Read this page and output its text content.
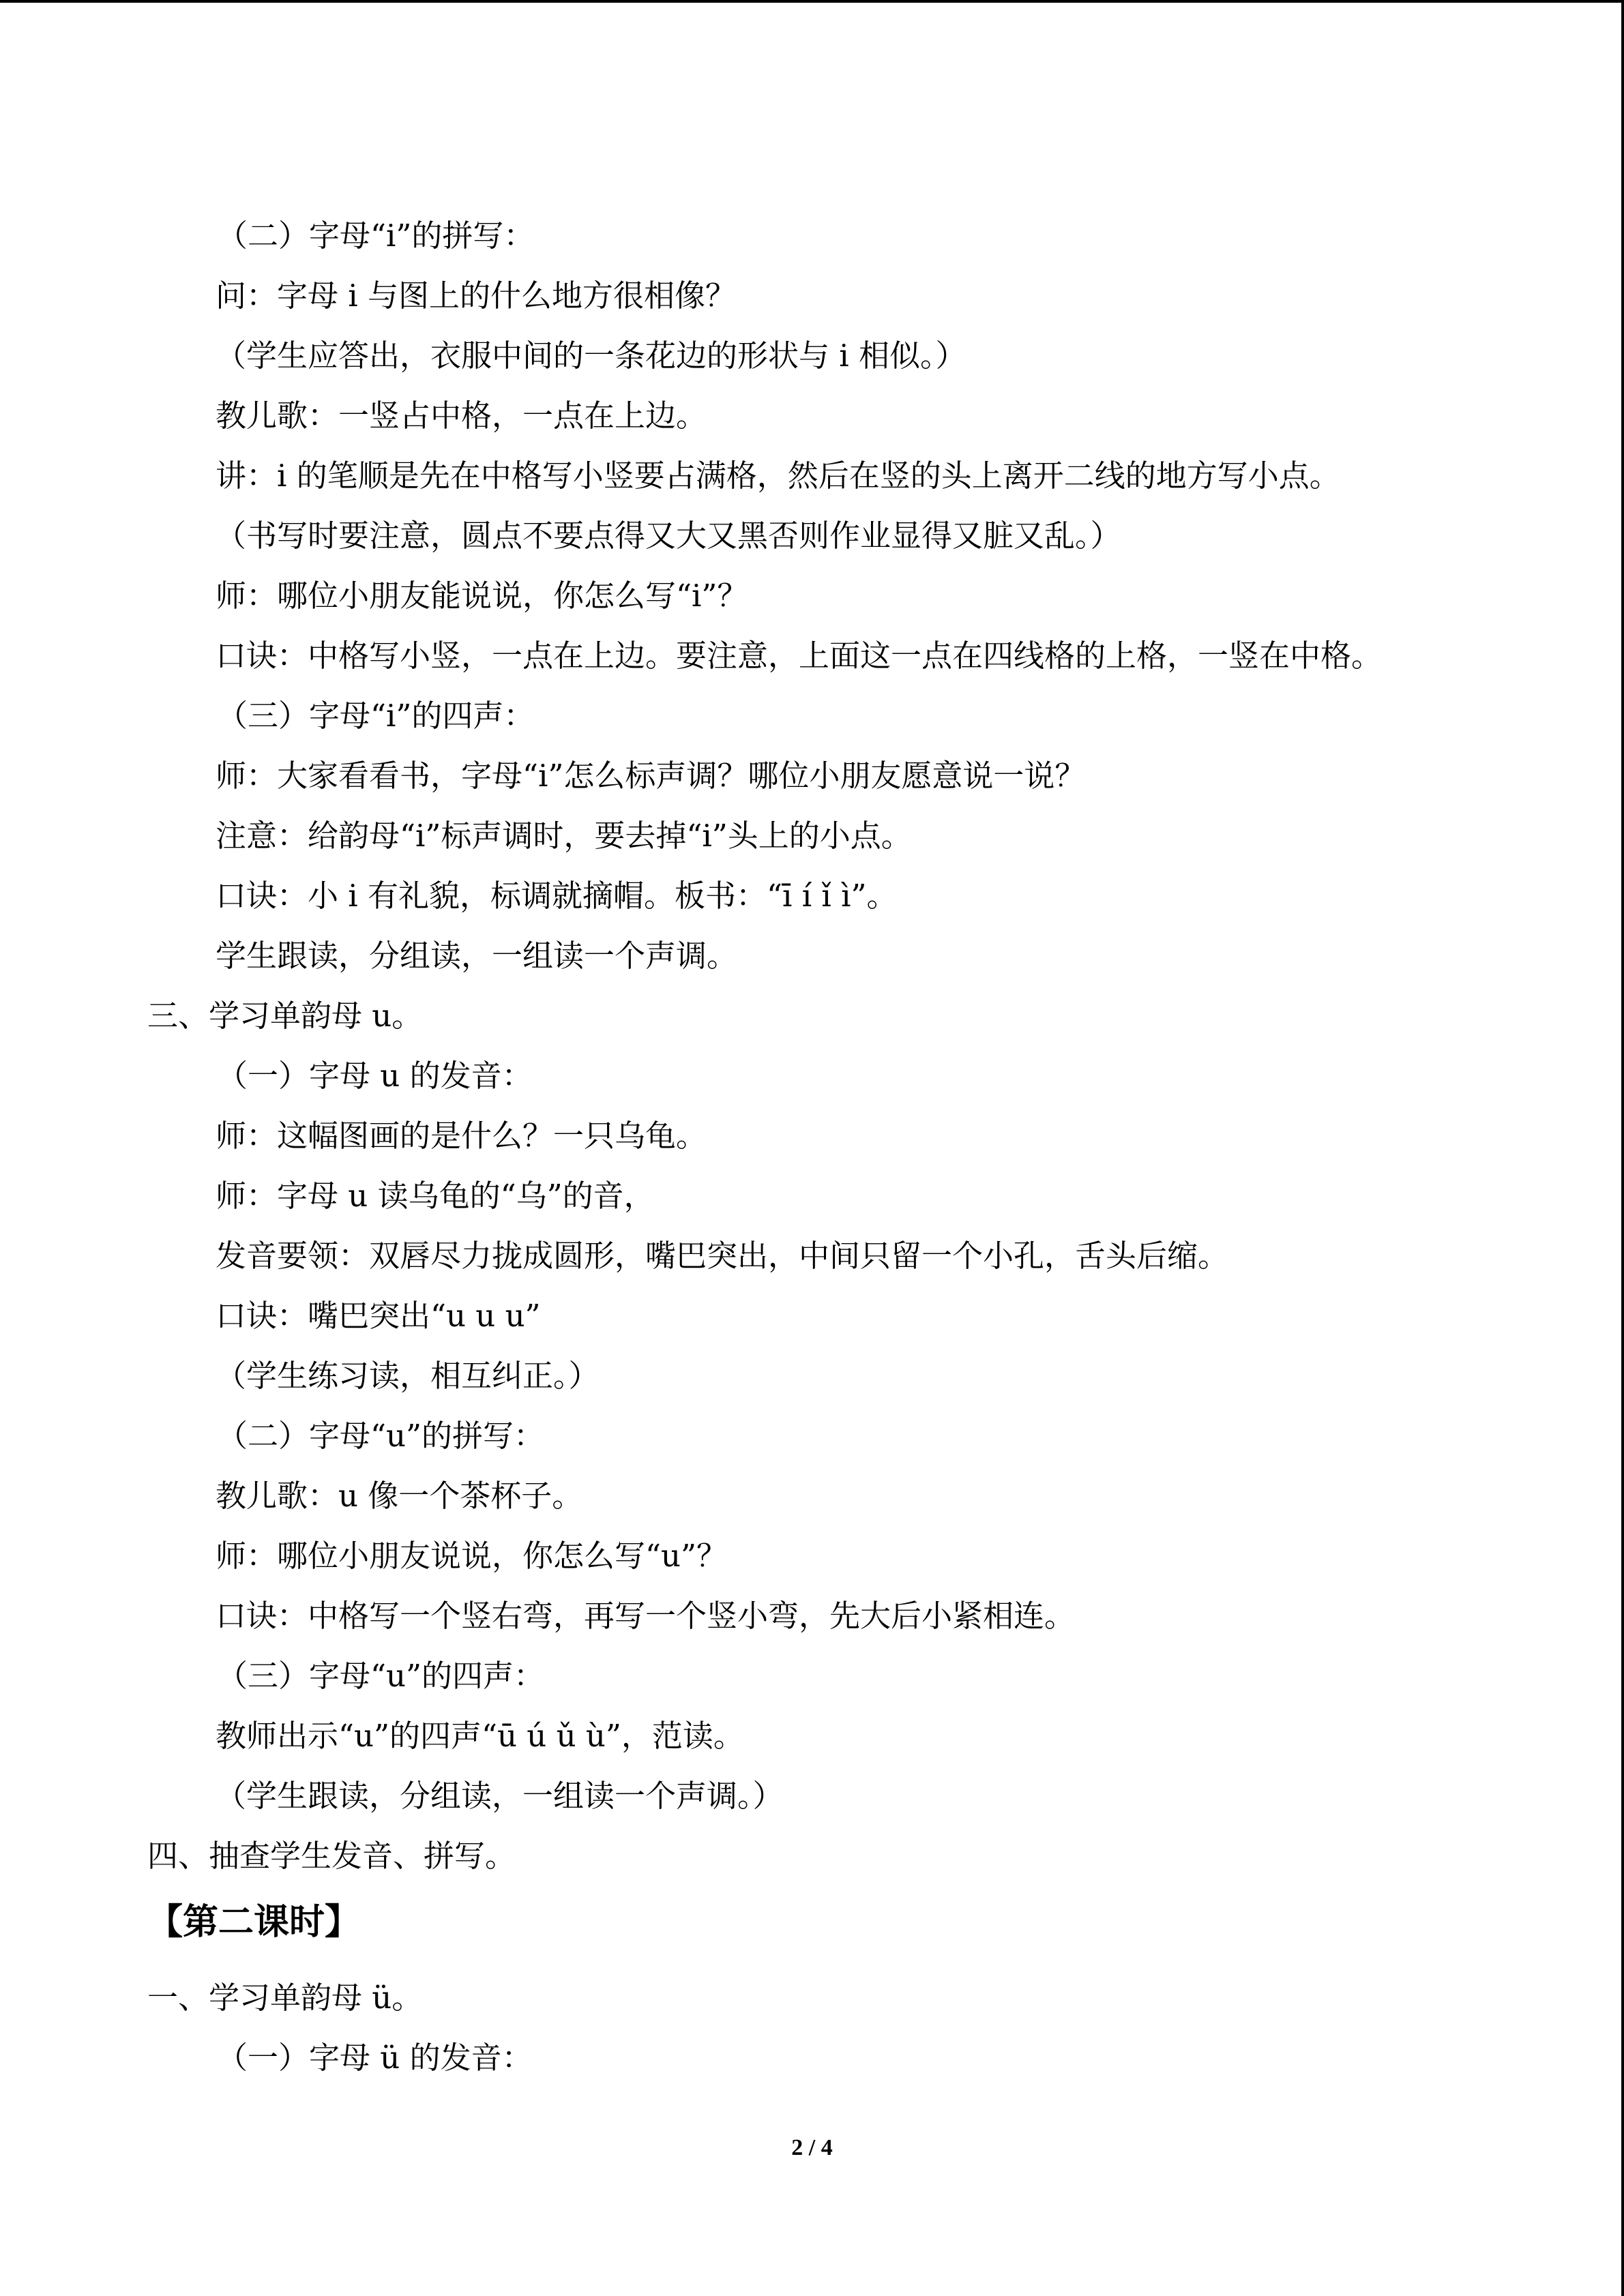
（二）字母“i”的拼写：
问：字母 i 与图上的什么地方很相像？
（学生应答出，衣服中间的一条花边的形状与 i 相似。）
教儿歌：一竖占中格，一点在上边。
讲：i 的笔顺是先在中格写小竖要占满格，然后在竖的头上离开二线的地方写小点。
（书写时要注意，圆点不要点得又大又黑否则作业显得又脏又乱。）
师：哪位小朋友能说说，你怎么写“i”？
口诀：中格写小竖，一点在上边。要注意，上面这一点在四线格的上格，一竖在中格。
（三）字母“i”的四声：
师：大家看看书，字母“i”怎么标声调？哪位小朋友愿意说一说？
注意：给韵母“i”标声调时，要去掉“i”头上的小点。
口诀：小 i 有礼貌，标调就摘帽。板书：“ī í ǐ ì”。
学生跟读，分组读，一组读一个声调。
三、学习单韵母 u。
（一）字母 u 的发音：
师：这幅图画的是什么？一只乌龟。
师：字母 u 读乌龟的“乌”的音，
发音要领：双唇尽力拢成圆形，嘴巴突出，中间只留一个小孔，舌头后缩。
口诀：嘴巴突出“u u u”
（学生练习读，相互纠正。）
（二）字母“u”的拼写：
教儿歌：u 像一个茶杯子。
师：哪位小朋友说说，你怎么写“u”？
口诀：中格写一个竖右弯，再写一个竖小弯，先大后小紧相连。
（三）字母“u”的四声：
教师出示“u”的四声“ū ú ǔ ù”，范读。
（学生跟读，分组读，一组读一个声调。）
四、抽查学生发音、拼写。
【第二课时】
一、学习单韵母 ü。
（一）字母 ü 的发音：
2 / 4
